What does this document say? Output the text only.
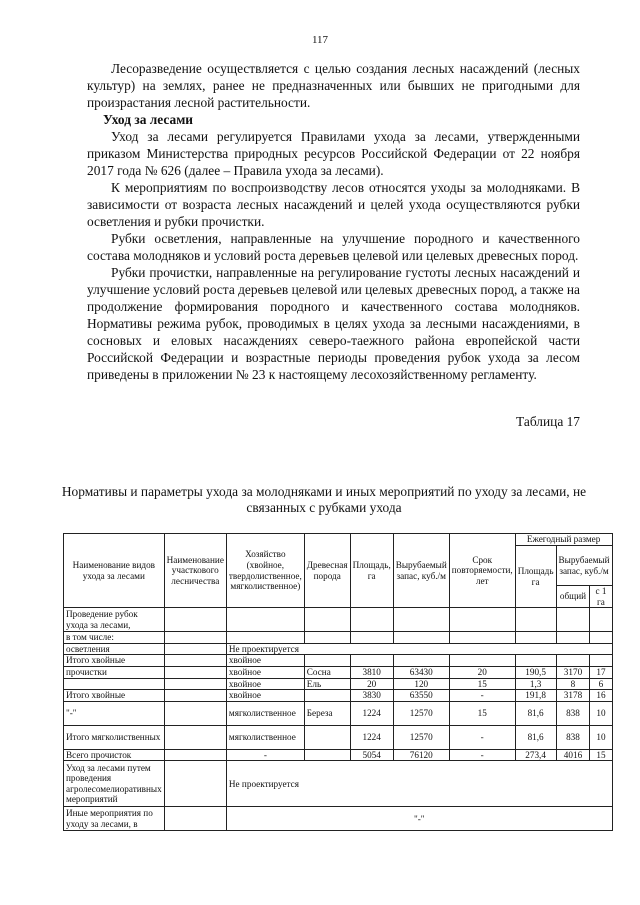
117

Лесоразведение осуществляется с целью создания лесных насаждений (лесных культур) на землях, ранее не предназначенных или бывших не пригодными для произрастания лесной растительности.

Уход за лесами

Уход за лесами регулируется Правилами ухода за лесами, утвержденными приказом Министерства природных ресурсов Российской Федерации от 22 ноября 2017 года № 626 (далее – Правила ухода за лесами).

К мероприятиям по воспроизводству лесов относятся уходы за молодняками. В зависимости от возраста лесных насаждений и целей ухода осуществляются рубки осветления и рубки прочистки.

Рубки осветления, направленные на улучшение породного и качественного состава молодняков и условий роста деревьев целевой или целевых древесных пород.

Рубки прочистки, направленные на регулирование густоты лесных насаждений и улучшение условий роста деревьев целевой или целевых древесных пород, а также на продолжение формирования породного и качественного состава молодняков. Нормативы режима рубок, проводимых в целях ухода за лесными насаждениями, в сосновых и еловых насаждениях северо-таежного района европейской части Российской Федерации и возрастные периоды проведения рубок ухода за лесом приведены в приложении № 23 к настоящему лесохозяйственному регламенту.

Таблица 17
Нормативы и параметры ухода за молодняками и иных мероприятий по уходу за лесами, не связанных с рубками ухода
Наименование видов ухода за лесами	Наименование участкового лесничества	Хозяйство (хвойное, твердолиственное, мягколиственное)	Древесная порода	Площадь, га	Вырубаемый запас, куб./м	Срок повторяемости, лет	Ежегодный размер		
							Площадь га	Вырубаемый запас, куб./м	
								общий	с 1 га
Проведение рубок ухода за лесами,									
в том числе:									
осветления		Не проектируется							
Итого хвойные		хвойное							
прочистки		хвойное	Сосна	3810	63430	20	190,5	3170	17
		хвойное	Ель	20	120	15	1,3	8	6
Итого хвойные		хвойное		3830	63550	-	191,8	3178	16
"-"		мягколиственное	Береза	1224	12570	15	81,6	838	10
Итого мягколиственных		мягколиственное		1224	12570	-	81,6	838	10
Всего прочисток		-		5054	76120	-	273,4	4016	15
Уход за лесами путем проведения агролесомелиоративных мероприятий		Не проектируется							
Иные мероприятия по уходу за лесами, в		"-"							
